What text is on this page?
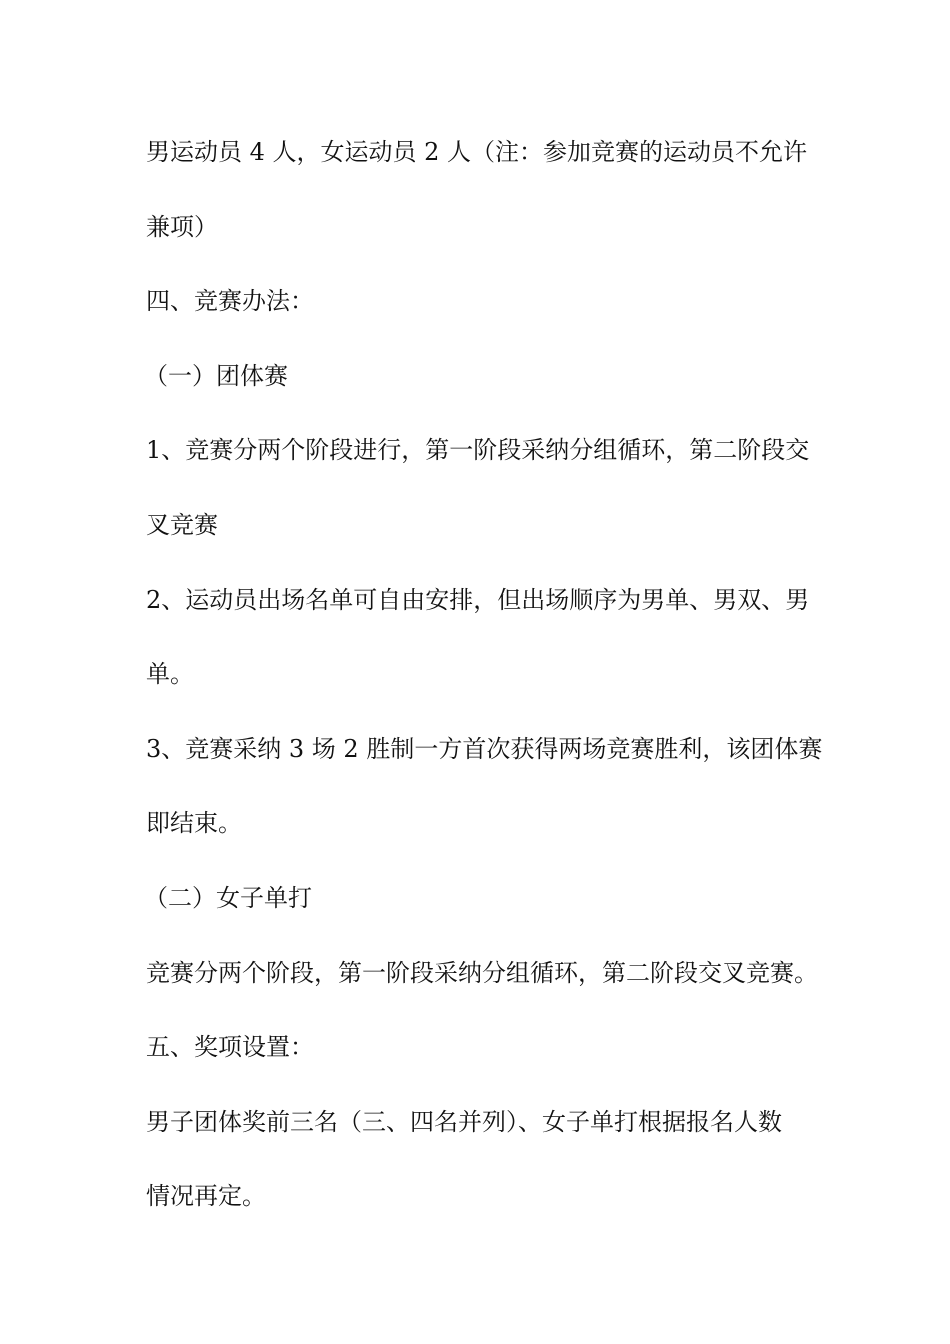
男运动员 4 人，女运动员 2 人（注：参加竞赛的运动员不允许
兼项）
四、竞赛办法：
（一）团体赛
1、竞赛分两个阶段进行，第一阶段采纳分组循环，第二阶段交
叉竞赛
2、运动员出场名单可自由安排，但出场顺序为男单、男双、男
单。
3、竞赛采纳 3 场 2 胜制一方首次获得两场竞赛胜利，该团体赛
即结束。
（二）女子单打
竞赛分两个阶段，第一阶段采纳分组循环，第二阶段交叉竞赛。
五、奖项设置：
男子团体奖前三名（三、四名并列）、女子单打根据报名人数
情况再定。
